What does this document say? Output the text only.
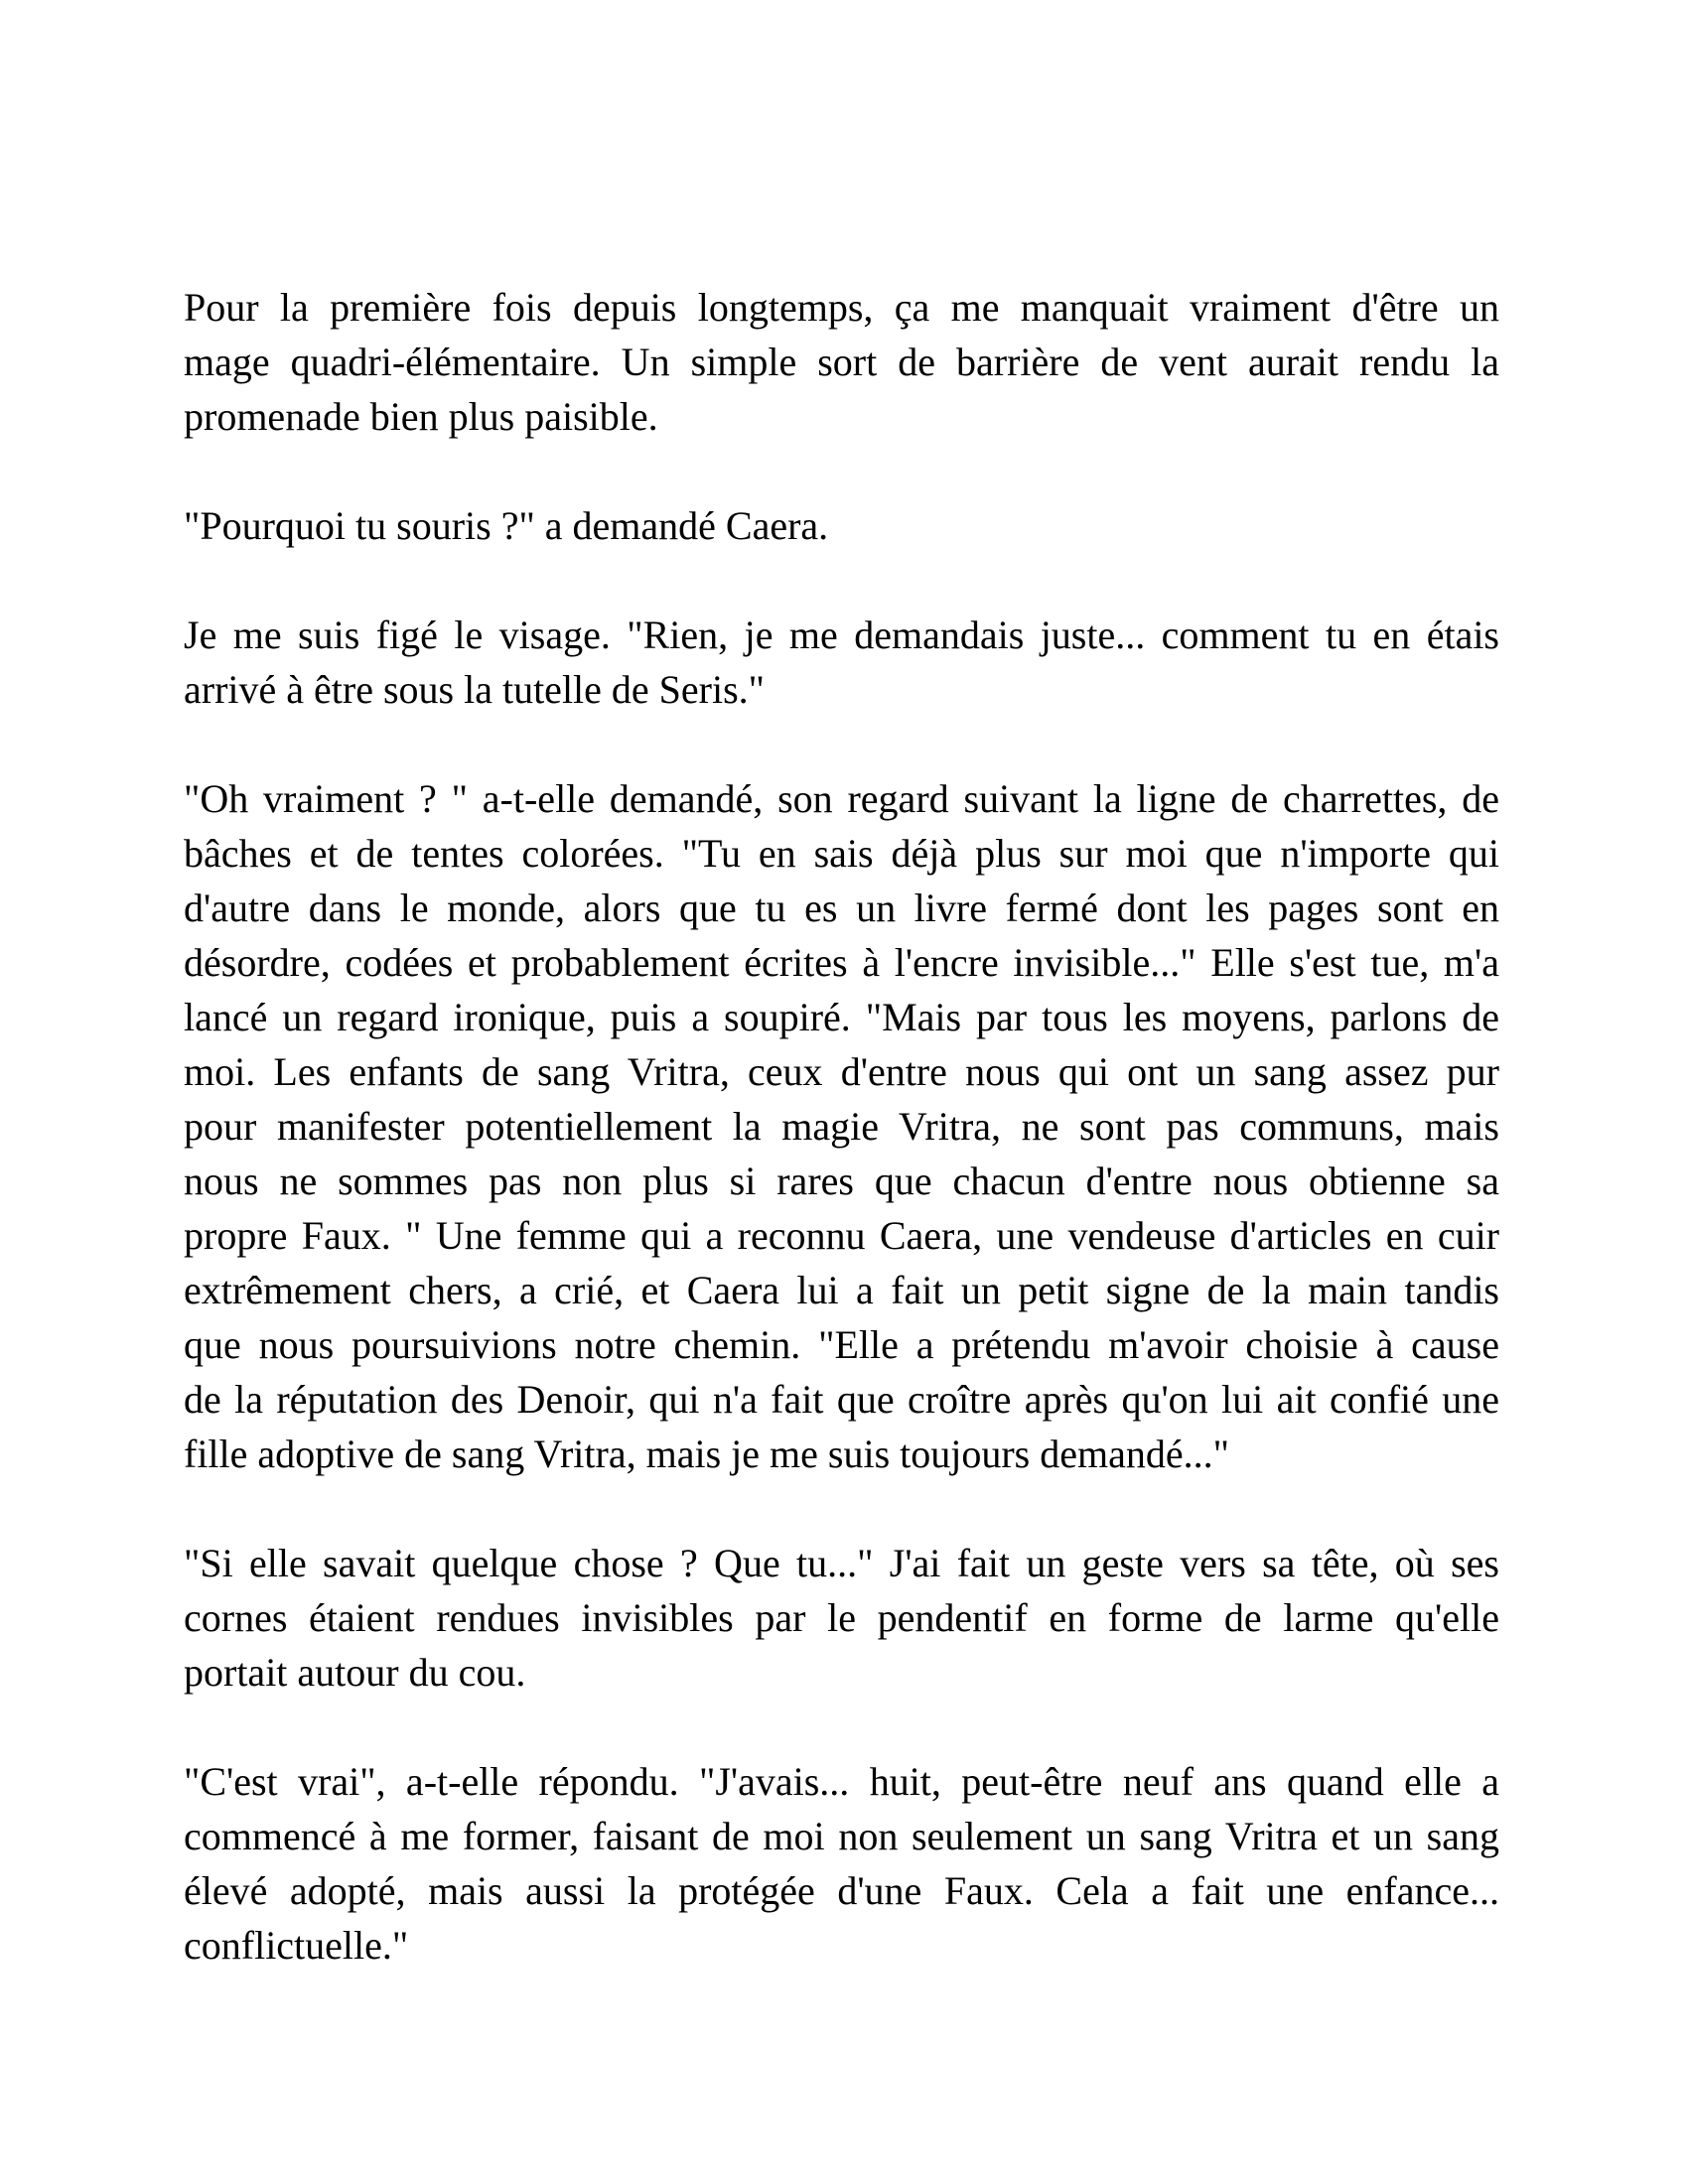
Pour la première fois depuis longtemps, ça me manquait vraiment d'être un
mage quadri-élémentaire. Un simple sort de barrière de vent aurait rendu la
promenade bien plus paisible.
"Pourquoi tu souris ?" a demandé Caera.
Je me suis figé le visage. "Rien, je me demandais juste... comment tu en étais
arrivé à être sous la tutelle de Seris."
"Oh vraiment ? " a-t-elle demandé, son regard suivant la ligne de charrettes, de
bâches et de tentes colorées. "Tu en sais déjà plus sur moi que n'importe qui
d'autre dans le monde, alors que tu es un livre fermé dont les pages sont en
désordre, codées et probablement écrites à l'encre invisible..." Elle s'est tue, m'a
lancé un regard ironique, puis a soupiré. "Mais par tous les moyens, parlons de
moi. Les enfants de sang Vritra, ceux d'entre nous qui ont un sang assez pur
pour manifester potentiellement la magie Vritra, ne sont pas communs, mais
nous ne sommes pas non plus si rares que chacun d'entre nous obtienne sa
propre Faux. " Une femme qui a reconnu Caera, une vendeuse d'articles en cuir
extrêmement chers, a crié, et Caera lui a fait un petit signe de la main tandis
que nous poursuivions notre chemin. "Elle a prétendu m'avoir choisie à cause
de la réputation des Denoir, qui n'a fait que croître après qu'on lui ait confié une
fille adoptive de sang Vritra, mais je me suis toujours demandé..."
"Si elle savait quelque chose ? Que tu..." J'ai fait un geste vers sa tête, où ses
cornes étaient rendues invisibles par le pendentif en forme de larme qu'elle
portait autour du cou.
"C'est vrai", a-t-elle répondu. "J'avais... huit, peut-être neuf ans quand elle a
commencé à me former, faisant de moi non seulement un sang Vritra et un sang
élevé adopté, mais aussi la protégée d'une Faux. Cela a fait une enfance...
conflictuelle."
